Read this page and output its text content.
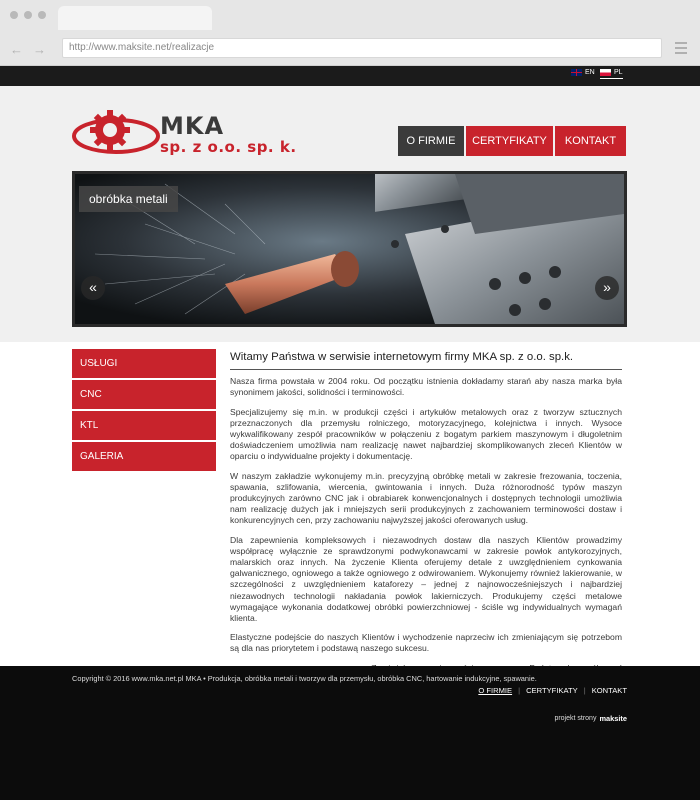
← →	http://www.maksite.net/realizacje
EN	PL
MKA
sp. z o.o. sp. k.	O FIRMIE	CERTYFIKATY	KONTAKT
obróbka metali
«	»
USŁUGI
CNC
KTL
GALERIA
Witamy Państwa w serwisie internetowym firmy MKA sp. z o.o. sp.k.

Nasza firma powstała w 2004 roku. Od początku istnienia dokładamy starań aby nasza marka była synonimem jakości, solidności i terminowości.

Specjalizujemy się m.in. w produkcji części i artykułów metalowych oraz z tworzyw sztucznych przeznaczonych dla przemysłu rolniczego, motoryzacyjnego, kolejnictwa i innych. Wysoce wykwalifikowany zespół pracowników w połączeniu z bogatym parkiem maszynowym i długoletnim doświadczeniem umożliwia nam realizację nawet najbardziej skomplikowanych zleceń Klientów w oparciu o indywidualne projekty i dokumentację.

W naszym zakładzie wykonujemy m.in. precyzyjną obróbkę metali w zakresie frezowania, toczenia, spawania, szlifowania, wiercenia, gwintowania i innych. Duża różnorodność typów maszyn produkcyjnych zarówno CNC jak i obrabiarek konwencjonalnych i dostępnych technologii umożliwia nam realizację dużych jak i mniejszych serii produkcyjnych z zachowaniem terminowości dostaw i konkurencyjnych cen, przy zachowaniu najwyższej jakości oferowanych usług.

Dla zapewnienia kompleksowych i niezawodnych dostaw dla naszych Klientów prowadzimy współpracę wyłącznie ze sprawdzonymi podwykonawcami w zakresie powłok antykorozyjnych, malarskich oraz innych. Na życzenie Klienta oferujemy detale z uwzględnieniem cynkowania galwanicznego, ogniowego a także ogniowego z odwirowaniem. Wykonujemy również lakierowanie, w szczególności z uwzględnieniem kataforezy – jednej z najnowocześniejszych i najbardziej niezawodnych technologii nakładania powłok lakierniczych. Produkujemy części metalowe wymagające wykonania dodatkowej obróbki powierzchniowej - ściśle wg indywidualnych wymagań klienta.

Elastyczne podejście do naszych Klientów i wychodzenie naprzeciw ich zmieniającym się potrzebom są dla nas priorytetem i podstawą naszego sukcesu.

Copyright © 2016 www.mka.net.pl MKA • Produkcja, obróbka metali i tworzyw dla przemysłu, obróbka CNC, hartowanie indukcyjne, spawanie.
O FIRMIE | CERTYFIKATY | KONTAKT
projekt strony maksite
